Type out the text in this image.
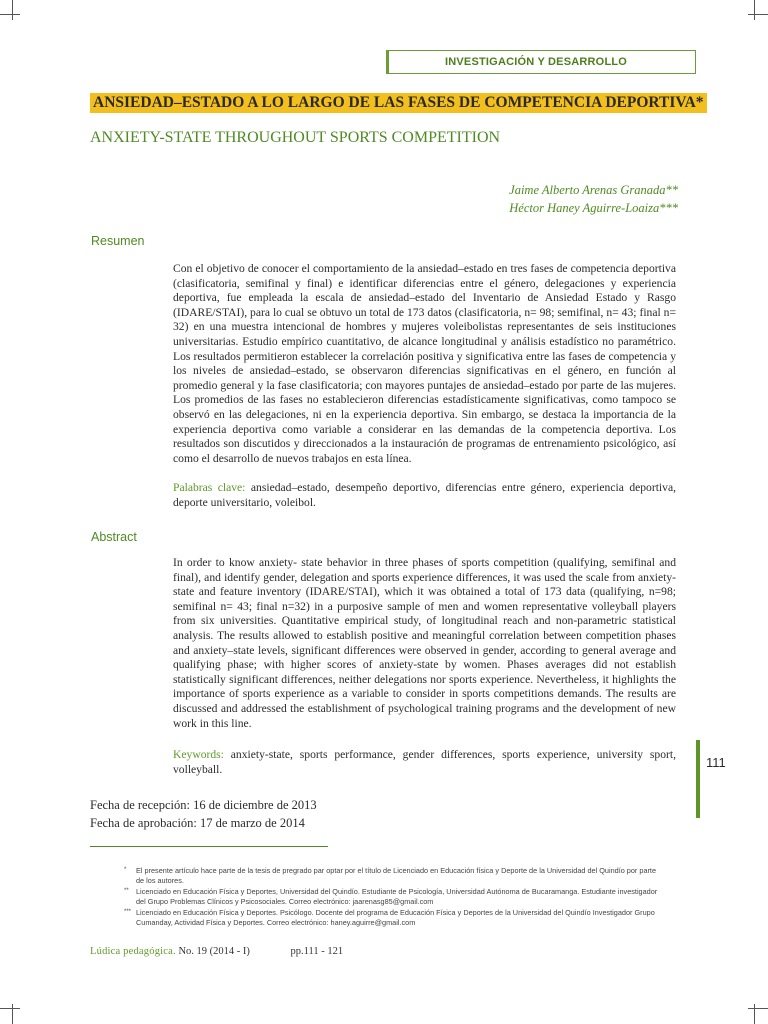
INVESTIGACIÓN Y DESARROLLO
ANSIEDAD–ESTADO A LO LARGO DE LAS FASES DE COMPETENCIA DEPORTIVA*
ANXIETY-STATE THROUGHOUT SPORTS COMPETITION
Jaime Alberto Arenas Granada**
Héctor Haney Aguirre-Loaiza***
Resumen
Con el objetivo de conocer el comportamiento de la ansiedad–estado en tres fases de competencia deportiva (clasificatoria, semifinal y final) e identificar diferencias entre el género, delegaciones y experiencia deportiva, fue empleada la escala de ansiedad–estado del Inventario de Ansiedad Estado y Rasgo (IDARE/STAI), para lo cual se obtuvo un total de 173 datos (clasificatoria, n= 98; semifinal, n= 43; final n= 32) en una muestra intencional de hombres y mujeres voleibolistas representantes de seis instituciones universitarias. Estudio empírico cuantitativo, de alcance longitudinal y análisis estadístico no paramétrico. Los resultados permitieron establecer la correlación positiva y significativa entre las fases de competencia y los niveles de ansiedad–estado, se observaron diferencias significativas en el género, en función al promedio general y la fase clasificatoria; con mayores puntajes de ansiedad–estado por parte de las mujeres. Los promedios de las fases no establecieron diferencias estadísticamente significativas, como tampoco se observó en las delegaciones, ni en la experiencia deportiva. Sin embargo, se destaca la importancia de la experiencia deportiva como variable a considerar en las demandas de la competencia deportiva. Los resultados son discutidos y direccionados a la instauración de programas de entrenamiento psicológico, así como el desarrollo de nuevos trabajos en esta línea.
Palabras clave: ansiedad–estado, desempeño deportivo, diferencias entre género, experiencia deportiva, deporte universitario, voleibol.
Abstract
In order to know anxiety- state behavior in three phases of sports competition (qualifying, semifinal and final), and identify gender, delegation and sports experience differences, it was used the scale from anxiety-state and feature inventory (IDARE/STAI), which it was obtained a total of 173 data (qualifying, n=98; semifinal n= 43; final n=32) in a purposive sample of men and women representative volleyball players from six universities. Quantitative empirical study, of longitudinal reach and non-parametric statistical analysis. The results allowed to establish positive and meaningful correlation between competition phases and anxiety–state levels, significant differences were observed in gender, according to general average and qualifying phase; with higher scores of anxiety-state by women. Phases averages did not establish statistically significant differences, neither delegations nor sports experience. Nevertheless, it highlights the importance of sports experience as a variable to consider in sports competitions demands. The results are discussed and addressed the establishment of psychological training programs and the development of new work in this line.
Keywords: anxiety-state, sports performance, gender differences, sports experience, university sport, volleyball.	111
Fecha de recepción: 16 de diciembre de 2013
Fecha de aprobación: 17 de marzo de 2014
* El presente artículo hace parte de la tesis de pregrado par optar por el título de Licenciado en Educación física y Deporte de la Universidad del Quindío por parte de los autores.
** Licenciado en Educación Física y Deportes, Universidad del Quindío. Estudiante de Psicología, Universidad Autónoma de Bucaramanga. Estudiante investigador del Grupo Problemas Clínicos y Psicosociales. Correo electrónico: jaarenasg85@gmail.com
*** Licenciado en Educación Física y Deportes. Psicólogo. Docente del programa de Educación Física y Deportes de la Universidad del Quindío Investigador Grupo Cumanday, Actividad Física y Deportes. Correo electrónico: haney.aguirre@gmail.com
Lúdica pedagógica. No. 19 (2014 - I)	pp.111 - 121
